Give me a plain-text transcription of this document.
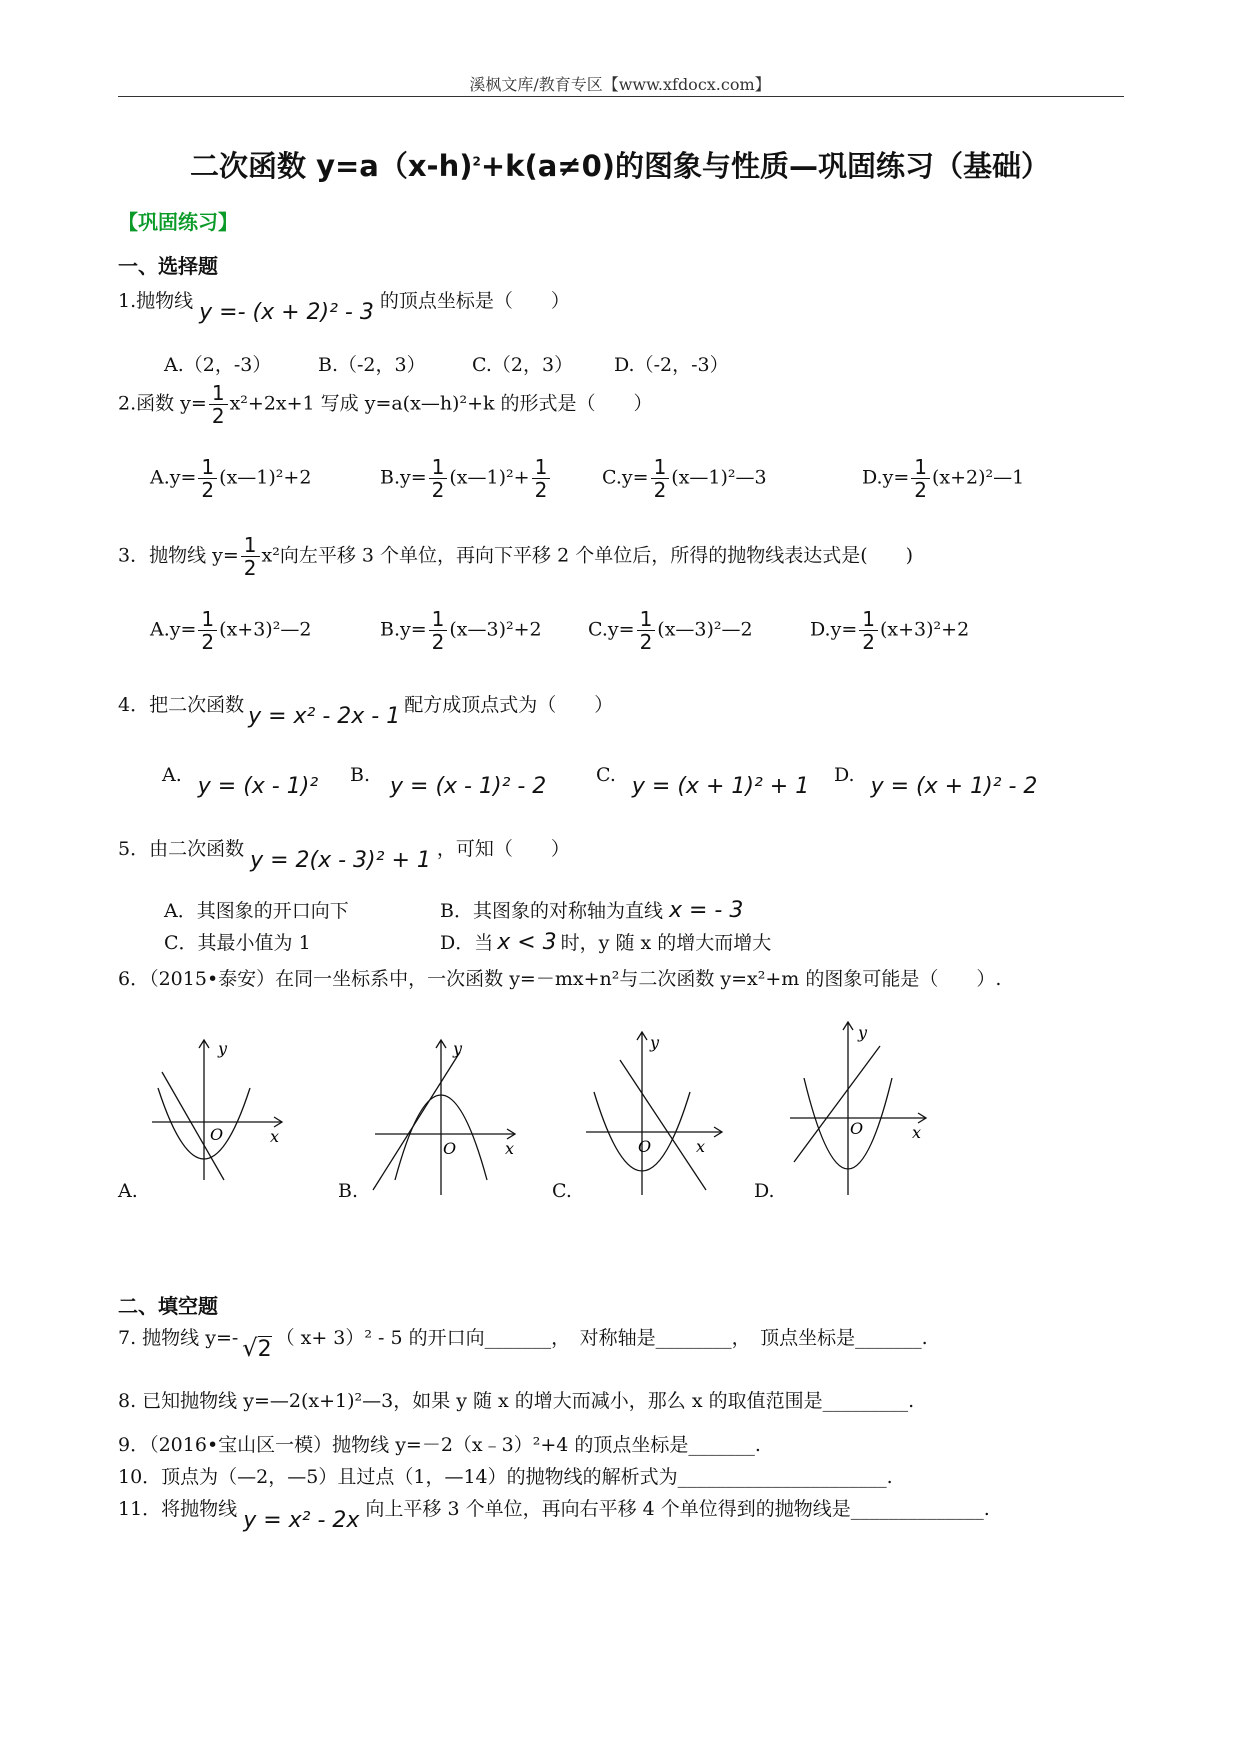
溪枫文库/教育专区【www.xfdocx.com】
二次函数 y=a（x-h)$^2$+k(a≠0)的图象与性质—巩固练习（基础）
【巩固练习】
一、选择题
1.抛物线 y =- (x + 2)² - 3 的顶点坐标是（　　）
A.（2，-3） B.（-2，3） C.（2，3） D.（-2，-3）
2.函数 $y= \frac{1}{2} x^2+2x+1$ 写成 y=a(x—h)²+k 的形式是（　　）
$A.y= \frac{1}{2}$ (x—1)²+2	$B.y= \frac{1}{2}$ (x—1)²+ $\frac{1}{2}$	$C.y= \frac{1}{2}$ (x—1)²—3	$D.y= \frac{1}{2}$ (x+2)²—1
3．抛物线 $y= \frac{1}{2} x^2$向左平移 3 个单位，再向下平移 2 个单位后，所得的抛物线表达式是(　　)
$A.y= \frac{1}{2}$ (x+3)²—2	$B.y= \frac{1}{2}$ (x—3)²+2 $C.y= \frac{1}{2}$ (x—3)²—2	$D.y= \frac{1}{2} (x+3)^2+2$
4．把二次函数 y = x² - 2x - 1 配方成顶点式为（　　）
A. y = (x - 1)² B. y = (x - 1)² - 2	C. y = (x + 1)² + 1 D. y = (x + 1)² - 2
5．由二次函数 y = 2(x - 3)² + 1 ，可知（　　）
A．其图象的开口向下	B．其图象的对称轴为直线 x = - 3
C．其最小值为 1	D．当 x < 3 时，y 随 x 的增大而增大
6．（2015•泰安）在同一坐标系中，一次函数 y=－mx+n²与二次函数 y=x²+m 的图象可能是（　　）.
y
x
O
A.
y
x
O
B.
y
x
O
C.
y
x
O
D.
二、填空题
7. 抛物线 y=- √2 （ x+ 3）² - 5 的开口向_______，　对称轴是________，　顶点坐标是_______.
8. 已知抛物线 y=—2(x+1)²—3，如果 y 随 x 的增大而减小，那么 x 的取值范围是_________.
9．（2016•宝山区一模）抛物线 y=－2（x﹣3）²+4 的顶点坐标是_______.
10．顶点为（—2，—5）且过点（1，—14）的抛物线的解析式为______________________.
11．将抛物线 y = x² - 2x 向上平移 3 个单位，再向右平移 4 个单位得到的抛物线是______________.
